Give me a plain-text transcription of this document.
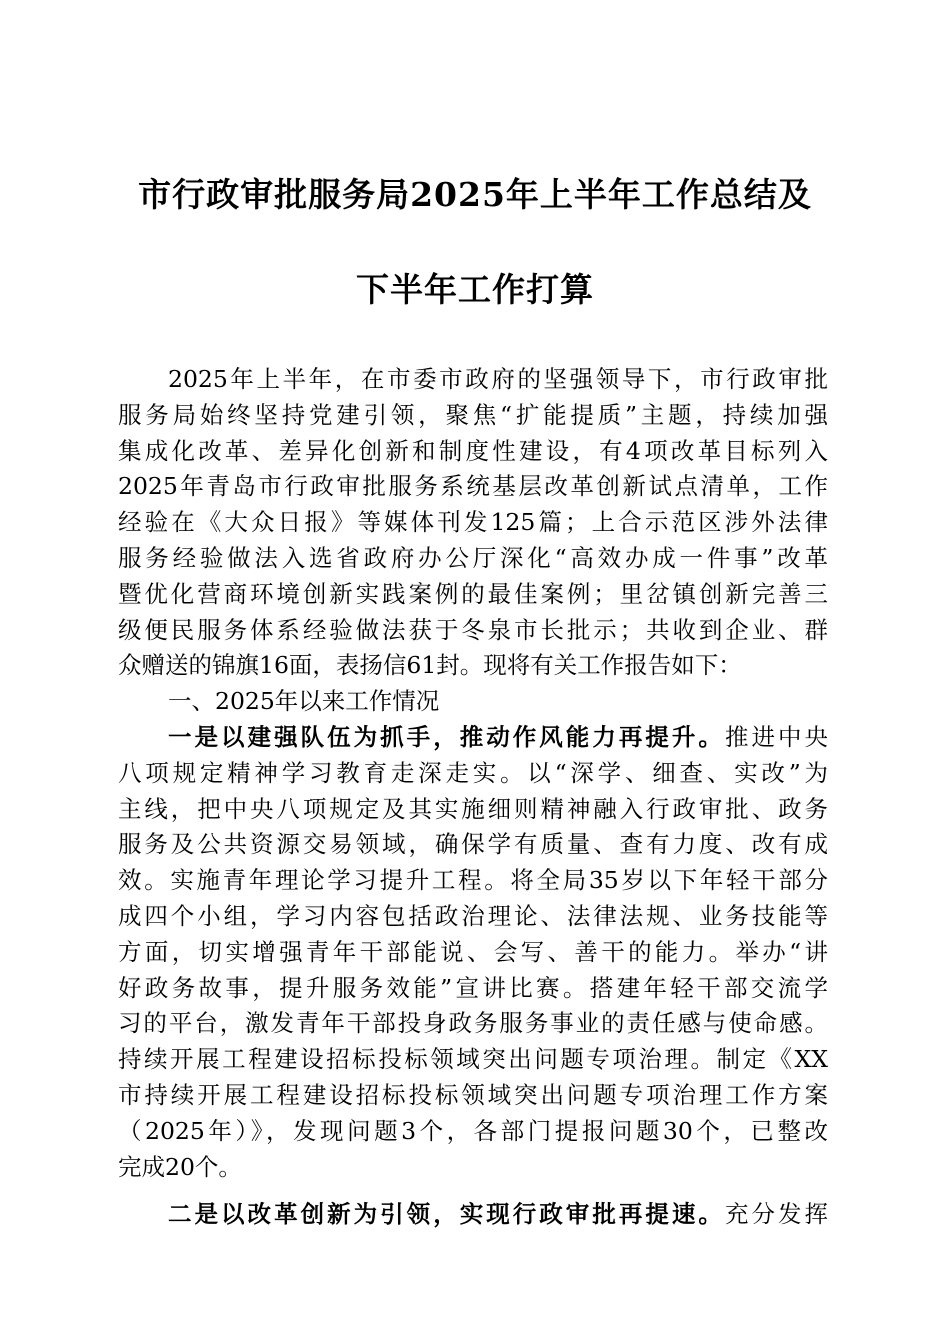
市行政审批服务局2025年上半年工作总结及
下半年工作打算
2025年上半年，在市委市政府的坚强领导下，市行政审批
服务局始终坚持党建引领，聚焦“扩能提质”主题，持续加强
集成化改革、差异化创新和制度性建设，有4项改革目标列入
2025年青岛市行政审批服务系统基层改革创新试点清单，工作
经验在《大众日报》等媒体刊发125篇；上合示范区涉外法律
服务经验做法入选省政府办公厅深化“高效办成一件事”改革
暨优化营商环境创新实践案例的最佳案例；里岔镇创新完善三
级便民服务体系经验做法获于冬泉市长批示；共收到企业、群
众赠送的锦旗16面，表扬信61封。现将有关工作报告如下：
一、2025年以来工作情况
一是以建强队伍为抓手，推动作风能力再提升。推进中央
八项规定精神学习教育走深走实。以“深学、细查、实改”为
主线，把中央八项规定及其实施细则精神融入行政审批、政务
服务及公共资源交易领域，确保学有质量、查有力度、改有成
效。实施青年理论学习提升工程。将全局35岁以下年轻干部分
成四个小组，学习内容包括政治理论、法律法规、业务技能等
方面，切实增强青年干部能说、会写、善干的能力。举办“讲
好政务故事，提升服务效能”宣讲比赛。搭建年轻干部交流学
习的平台，激发青年干部投身政务服务事业的责任感与使命感。
持续开展工程建设招标投标领域突出问题专项治理。制定《XX
市持续开展工程建设招标投标领域突出问题专项治理工作方案
（2025年）》，发现问题3个，各部门提报问题30个，已整改
完成20个。
二是以改革创新为引领，实现行政审批再提速。充分发挥
